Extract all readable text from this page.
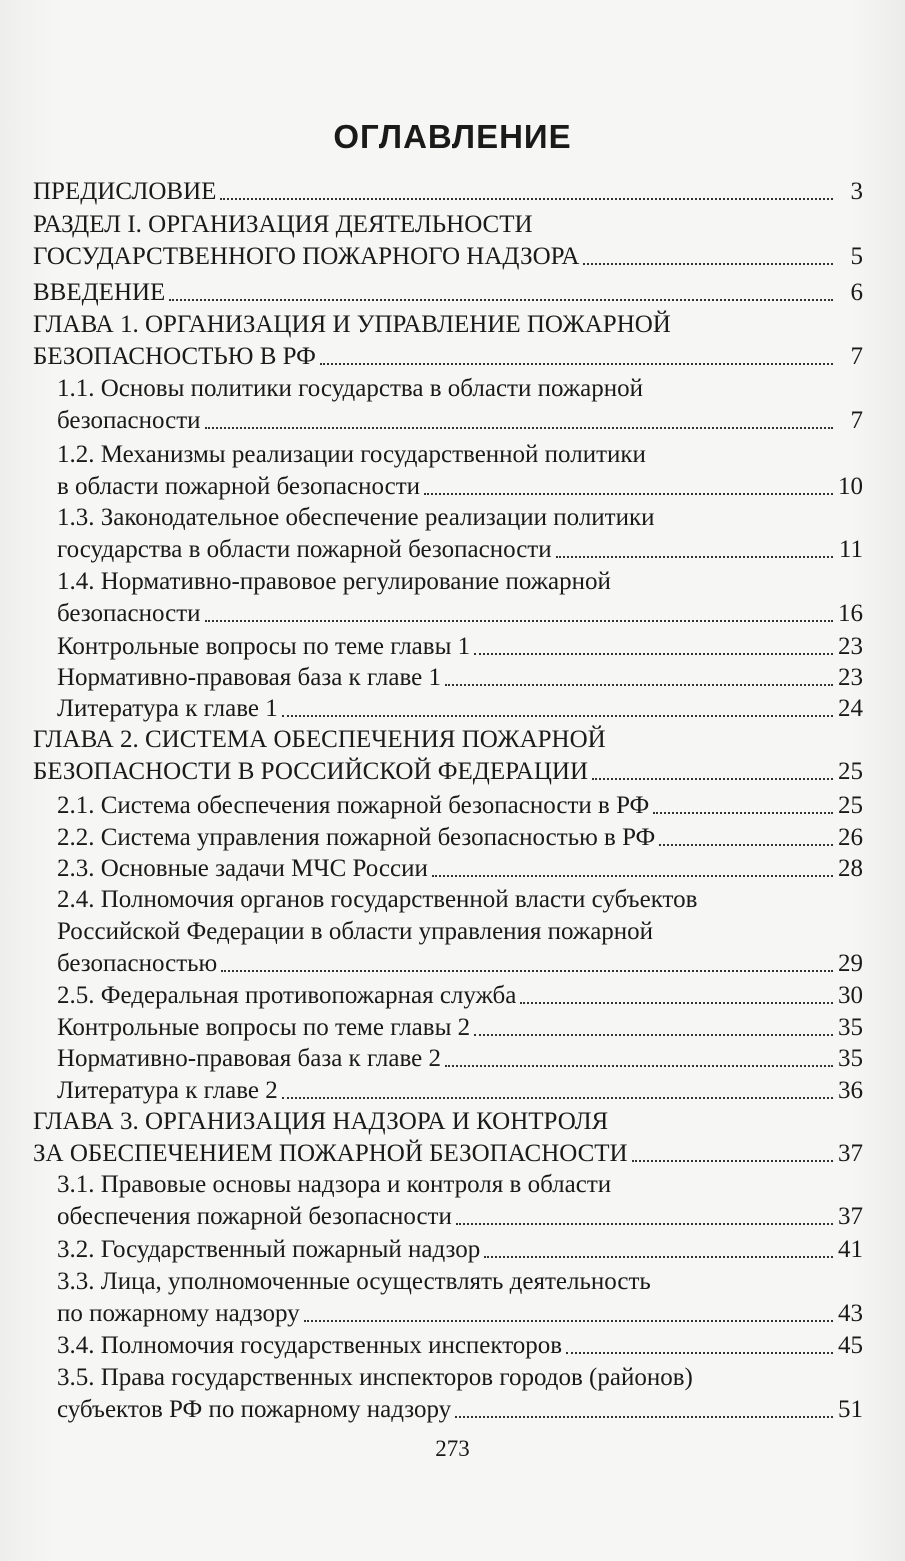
ОГЛАВЛЕНИЕ
ПРЕДИСЛОВИЕ	3
РАЗДЕЛ I. ОРГАНИЗАЦИЯ ДЕЯТЕЛЬНОСТИ
ГОСУДАРСТВЕННОГО ПОЖАРНОГО НАДЗОРА	5
ВВЕДЕНИЕ	6
ГЛАВА 1. ОРГАНИЗАЦИЯ И УПРАВЛЕНИЕ ПОЖАРНОЙ
БЕЗОПАСНОСТЬЮ В РФ	7
1.1. Основы политики государства в области пожарной
безопасности	7
1.2. Механизмы реализации государственной политики
в области пожарной безопасности	10
1.3. Законодательное обеспечение реализации политики
государства в области пожарной безопасности	11
1.4. Нормативно-правовое регулирование пожарной
безопасности	16
Контрольные вопросы по теме главы 1	23
Нормативно-правовая база к главе 1	23
Литература к главе 1	24
ГЛАВА 2. СИСТЕМА ОБЕСПЕЧЕНИЯ ПОЖАРНОЙ
БЕЗОПАСНОСТИ В РОССИЙСКОЙ ФЕДЕРАЦИИ	25
2.1. Система обеспечения пожарной безопасности в РФ	25
2.2. Система управления пожарной безопасностью в РФ	26
2.3. Основные задачи МЧС России	28
2.4. Полномочия органов государственной власти субъектов
Российской Федерации в области управления пожарной
безопасностью	29
2.5. Федеральная противопожарная служба	30
Контрольные вопросы по теме главы 2	35
Нормативно-правовая база к главе 2	35
Литература к главе 2	36
ГЛАВА 3. ОРГАНИЗАЦИЯ НАДЗОРА И КОНТРОЛЯ
ЗА ОБЕСПЕЧЕНИЕМ ПОЖАРНОЙ БЕЗОПАСНОСТИ	37
3.1. Правовые основы надзора и контроля в области
обеспечения пожарной безопасности	37
3.2. Государственный пожарный надзор	41
3.3. Лица, уполномоченные осуществлять деятельность
по пожарному надзору	43
3.4. Полномочия государственных инспекторов	45
3.5. Права государственных инспекторов городов (районов)
субъектов РФ по пожарному надзору	51

273
